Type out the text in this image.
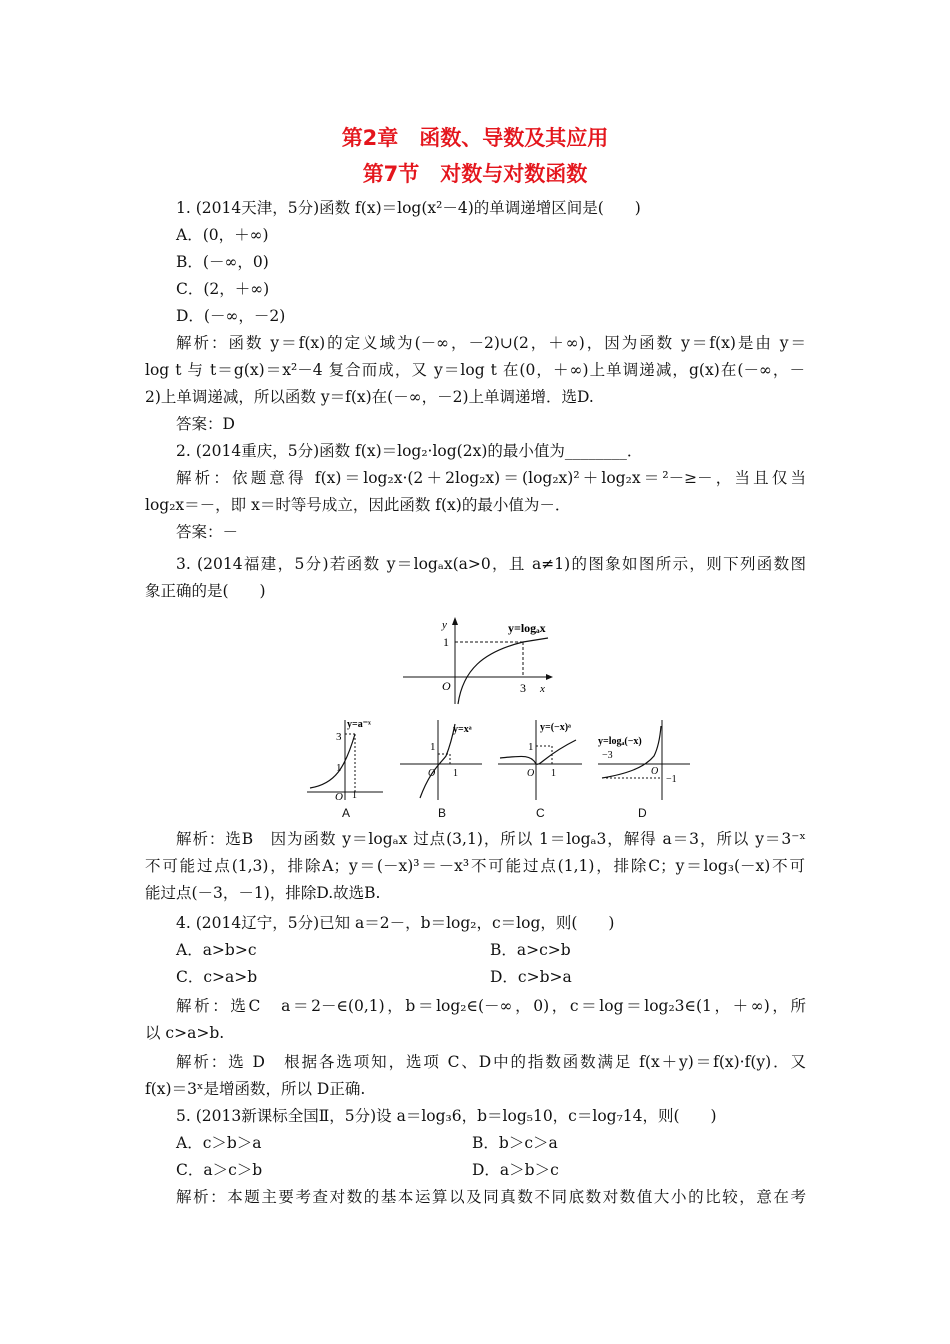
第2章　函数、导数及其应用
第7节　对数与对数函数
1. (2014天津，5分)函数 f(x)＝log(x²－4)的单调递增区间是(　　)
A．(0，＋∞)
B．(－∞，0)
C．(2，＋∞)
D．(－∞，－2)
解析：函数 y＝f(x)的定义域为(－∞，－2)∪(2，＋∞)，因为函数 y＝f(x)是由 y＝
log t 与 t＝g(x)＝x²－4 复合而成，又 y＝log t 在(0，＋∞)上单调递减，g(x)在(－∞，－
2)上单调递减，所以函数 y＝f(x)在(－∞，－2)上单调递增．选D.
答案：D
2. (2014重庆，5分)函数 f(x)＝log₂·log(2x)的最小值为________．
解析：依题意得 f(x)＝log₂x·(2＋2log₂x)＝(log₂x)²＋log₂x＝²－≥－，当且仅当
log₂x＝－，即 x＝时等号成立，因此函数 f(x)的最小值为－．
答案：－
3. (2014福建，5分)若函数 y＝logₐx(a>0，且 a≠1)的图象如图所示，则下列函数图
象正确的是(　　)
y
1
O	3 x
y=logₐx
y=a⁻ˣ
3
1
1
O
y=xᵃ
1
O 1
y=(−x)ᵃ
1
O 1
y=logₐ(−x)
−3
O
−1
A	B	C	D
解析：选B　因为函数 y＝logₐx 过点(3,1)，所以 1＝logₐ3，解得 a＝3，所以 y＝3⁻ˣ
不可能过点(1,3)，排除A；y＝(－x)³＝－x³不可能过点(1,1)，排除C；y＝log₃(－x)不可
能过点(－3，－1)，排除D.故选B.
4. (2014辽宁，5分)已知 a＝2－，b＝log₂，c＝log，则(　　)
A．a>b>c	B．a>c>b
C．c>a>b	D．c>b>a
解析：选C　a＝2－∈(0,1)，b＝log₂∈(－∞，0)，c＝log＝log₂3∈(1，＋∞)，所
以 c>a>b.
解析：选 D　根据各选项知，选项 C、D中的指数函数满足 f(x＋y)＝f(x)·f(y)．又
f(x)＝3ˣ是增函数，所以 D正确.
5. (2013新课标全国Ⅱ，5分)设 a＝log₃6，b＝log₅10，c＝log₇14，则(　　)
A．c＞b＞a	B．b＞c＞a
C．a＞c＞b	D．a＞b＞c
解析：本题主要考查对数的基本运算以及同真数不同底数对数值大小的比较，意在考
